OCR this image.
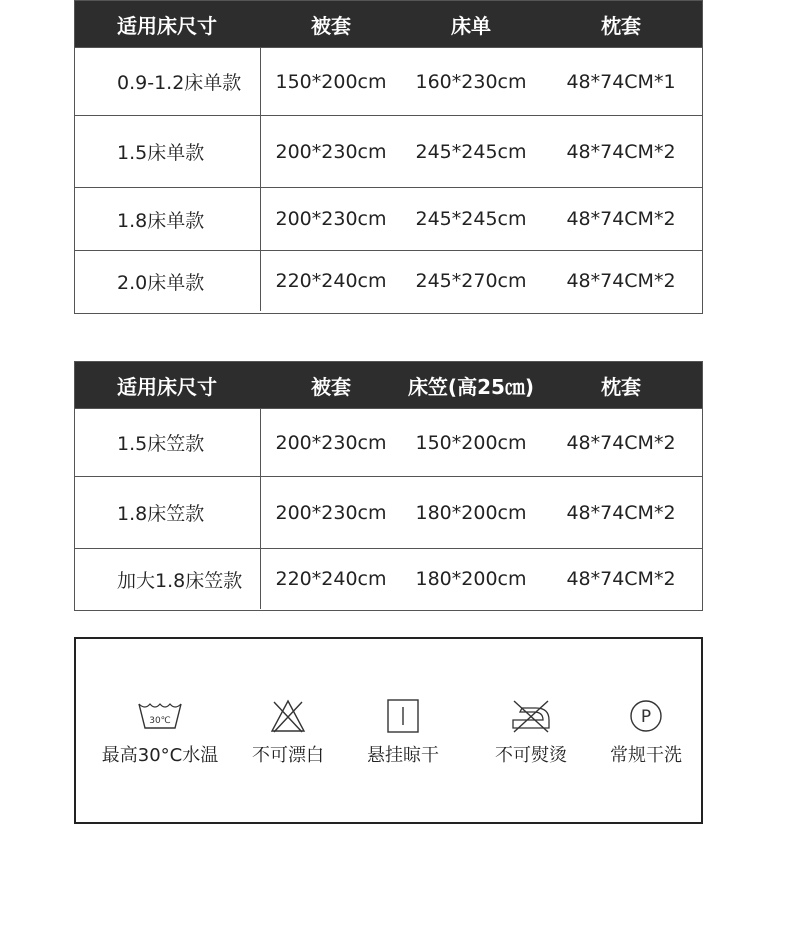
适用床尺寸	被套	床单	枕套
0.9-1.2床单款	150*200cm	160*230cm	48*74CM*1
1.5床单款	200*230cm	245*245cm	48*74CM*2
1.8床单款	200*230cm	245*245cm	48*74CM*2
2.0床单款	220*240cm	245*270cm	48*74CM*2
适用床尺寸	被套	床笠(高25㎝)	枕套
1.5床笠款	200*230cm	150*200cm	48*74CM*2
1.8床笠款	200*230cm	180*200cm	48*74CM*2
加大1.8床笠款	220*240cm	180*200cm	48*74CM*2
30℃
最高30°C水温	不可漂白	悬挂晾干	不可熨烫
P
常规干洗
